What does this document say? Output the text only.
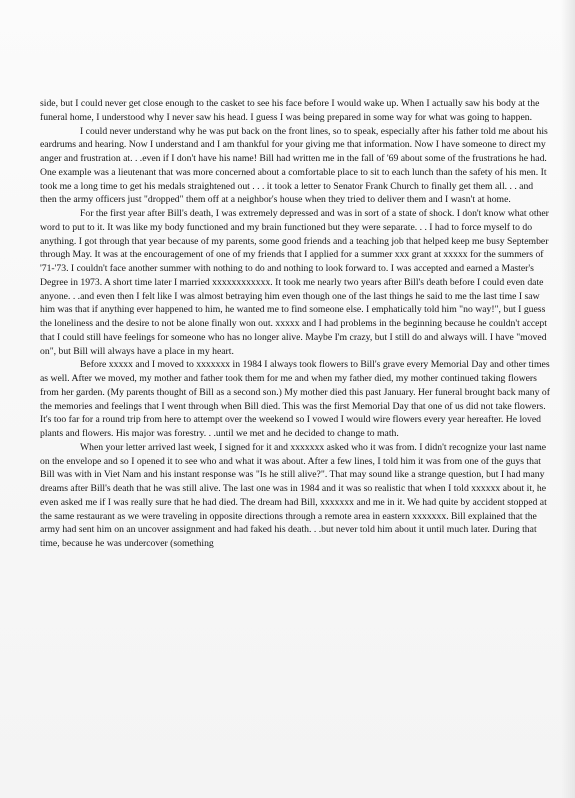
side, but I could never get close enough to the casket to see his face before I would wake up. When I actually saw his body at the funeral home, I understood why I never saw his head. I guess I was being prepared in some way for what was going to happen.

I could never understand why he was put back on the front lines, so to speak, especially after his father told me about his eardrums and hearing. Now I understand and I am thankful for your giving me that information. Now I have someone to direct my anger and frustration at. . .even if I don't have his name! Bill had written me in the fall of '69 about some of the frustrations he had. One example was a lieutenant that was more concerned about a comfortable place to sit to each lunch than the safety of his men. It took me a long time to get his medals straightened out . . . it took a letter to Senator Frank Church to finally get them all. . . and then the army officers just "dropped" them off at a neighbor's house when they tried to deliver them and I wasn't at home.

For the first year after Bill's death, I was extremely depressed and was in sort of a state of shock. I don't know what other word to put to it. It was like my body functioned and my brain functioned but they were separate. . . I had to force myself to do anything. I got through that year because of my parents, some good friends and a teaching job that helped keep me busy September through May. It was at the encouragement of one of my friends that I applied for a summer xxx grant at xxxxx for the summers of '71-'73. I couldn't face another summer with nothing to do and nothing to look forward to. I was accepted and earned a Master's Degree in 1973. A short time later I married xxxxxxxxxxxx. It took me nearly two years after Bill's death before I could even date anyone. . .and even then I felt like I was almost betraying him even though one of the last things he said to me the last time I saw him was that if anything ever happened to him, he wanted me to find someone else. I emphatically told him "no way!", but I guess the loneliness and the desire to not be alone finally won out. xxxxx and I had problems in the beginning because he couldn't accept that I could still have feelings for someone who has no longer alive. Maybe I'm crazy, but I still do and always will. I have "moved on", but Bill will always have a place in my heart.

Before xxxxx and I moved to xxxxxxx in 1984 I always took flowers to Bill's grave every Memorial Day and other times as well. After we moved, my mother and father took them for me and when my father died, my mother continued taking flowers from her garden. (My parents thought of Bill as a second son.) My mother died this past January. Her funeral brought back many of the memories and feelings that I went through when Bill died. This was the first Memorial Day that one of us did not take flowers. It's too far for a round trip from here to attempt over the weekend so I vowed I would wire flowers every year hereafter. He loved plants and flowers. His major was forestry. . .until we met and he decided to change to math.

When your letter arrived last week, I signed for it and xxxxxxx asked who it was from. I didn't recognize your last name on the envelope and so I opened it to see who and what it was about. After a few lines, I told him it was from one of the guys that Bill was with in Viet Nam and his instant response was "Is he still alive?". That may sound like a strange question, but I had many dreams after Bill's death that he was still alive. The last one was in 1984 and it was so realistic that when I told xxxxxx about it, he even asked me if I was really sure that he had died. The dream had Bill, xxxxxxx and me in it. We had quite by accident stopped at the same restaurant as we were traveling in opposite directions through a remote area in eastern xxxxxxx. Bill explained that the army had sent him on an uncover assignment and had faked his death. . .but never told him about it until much later. During that time, because he was undercover (something
